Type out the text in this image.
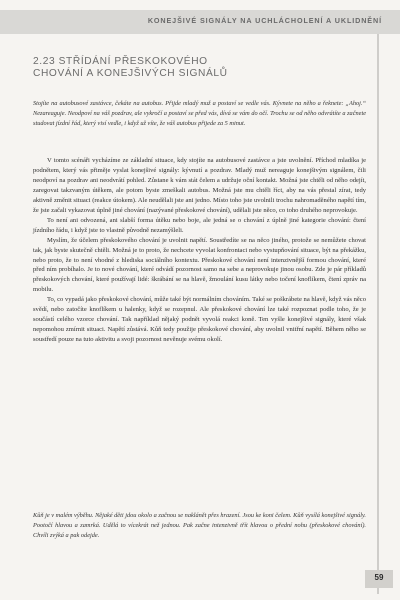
KONEJŠIVÉ SIGNÁLY NA UCHLÁCHOLENÍ A UKLIDNĚNÍ
2.23 STŘÍDÁNÍ PŘESKOKOVÉHO
CHOVÁNÍ A KONEJŠIVÝCH SIGNÁLŮ
Stojíte na autobusové zastávce, čekáte na autobus. Přijde mladý muž a postaví se vedle vás. Kývnete na něho a řeknete: „Ahoj.“ Nezareaguje. Neodpoví na váš pozdrav, ale vykročí a postaví se před vás, dívá se vám do očí. Trochu se od něho odvrátíte a začnete studovat jízdní řád, který visí vedle, i když už víte, že váš autobus přijede za 5 minut.

V tomto scénáři vycházíme ze základní situace, kdy stojíte na autobusové zastávce a jste uvolnění. Příchod mladíka je podnětem, který vás přiměje vyslat konejšivé signály: kývnutí a pozdrav. Mladý muž nereaguje konejšivým signálem, čili neodpoví na pozdrav ani neodvrátí pohled. Zůstane k vám stát čelem a udržuje oční kontakt. Možná jste chtěli od něho odejít, zaregovat takzvaným útěkem, ale potom byste zmeškali autobus. Možná jste mu chtěli říct, aby na vás přestal zírat, tedy aktivně změnit situaci (reakce útokem). Ale neudělali jste ani jedno. Místo toho jste uvolnili trochu nahromaděného napětí tím, že jste začali vykazovat úplně jiné chování (nazývané přeskokové chování), udělali jste něco, co toho druhého neprovokuje.

To není ani odvozená, ani slabší forma útěku nebo boje, ale jedná se o chování z úplně jiné kategorie chování: čtení jízdního řádu, i když jste to vlastně původně nezamýšleli.

Myslím, že účelem přeskokového chování je uvolnit napětí. Soustředíte se na něco jiného, protože se nemůžete chovat tak, jak byste skutečně chtěli. Možná je to proto, že nechcete vyvolat konfrontaci nebo vystupňování situace, být na překážku, nebo proto, že to není vhodné z hlediska sociálního kontextu. Přeskokové chování není intenzivnější formou chování, které před ním probíhalo. Je to nové chování, které odvádí pozornost samo na sebe a neprovokuje jinou osobu. Zde je pár příkladů přeskokových chování, které používají lidé: škrábání se na hlavě, žmoulání kusu látky nebo točení knoflíkem, čtení zpráv na mobilu.

To, co vypadá jako přeskokové chování, může také být normálním chováním. Také se poškrábete na hlavě, když vás něco svědí, nebo zatočíte knoflíkem u halenky, když se rozepnul. Ale přeskokové chování lze také rozpoznat podle toho, že je součástí celého vzorce chování. Tak například nějaký podnět vyvolá reakci koně. Ten vyšle konejšivé signály, které však nepomohou zmírnit situaci. Napětí zůstává. Kůň tedy použije přeskokové chování, aby uvolnil vnitřní napětí. Během něho se soustředí pouze na tuto aktivitu a svoji pozornost nevěnuje svému okolí.

Kůň je v malém výběhu. Nějaké děti jdou okolo a začnou se naklánět přes hrazení. Jsou ke koni čelem. Kůň vysílá konejšivé signály. Pootočí hlavou a zamrká. Udělá to vícekrát než jednou. Pak začne intenzivně třít hlavou o přední nohu (přeskokové chování). Chvíli zvýká a pak odejde.
59
